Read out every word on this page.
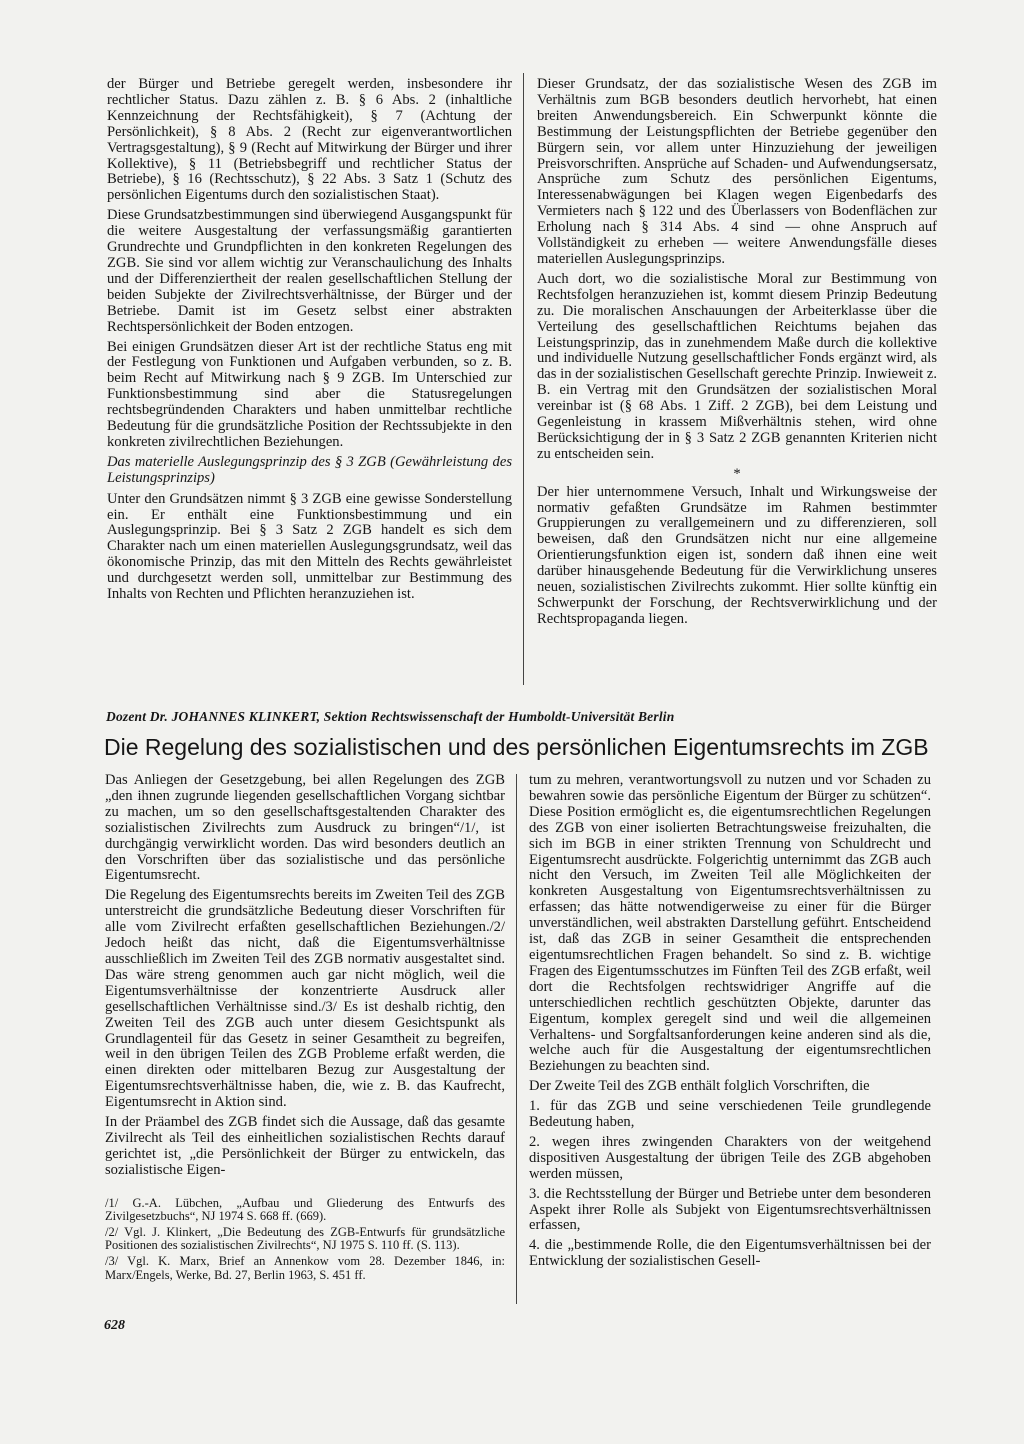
der Bürger und Betriebe geregelt werden, insbesondere ihr rechtlicher Status. Dazu zählen z. B. § 6 Abs. 2 (inhaltliche Kennzeichnung der Rechtsfähigkeit), § 7 (Achtung der Persönlichkeit), § 8 Abs. 2 (Recht zur eigenverantwortlichen Vertragsgestaltung), § 9 (Recht auf Mitwirkung der Bürger und ihrer Kollektive), § 11 (Betriebsbegriff und rechtlicher Status der Betriebe), § 16 (Rechtsschutz), § 22 Abs. 3 Satz 1 (Schutz des persönlichen Eigentums durch den sozialistischen Staat).

Diese Grundsatzbestimmungen sind überwiegend Ausgangspunkt für die weitere Ausgestaltung der verfassungsmäßig garantierten Grundrechte und Grundpflichten in den konkreten Regelungen des ZGB. Sie sind vor allem wichtig zur Veranschaulichung des Inhalts und der Differenziertheit der realen gesellschaftlichen Stellung der beiden Subjekte der Zivilrechtsverhältnisse, der Bürger und der Betriebe. Damit ist im Gesetz selbst einer abstrakten Rechtspersönlichkeit der Boden entzogen.

Bei einigen Grundsätzen dieser Art ist der rechtliche Status eng mit der Festlegung von Funktionen und Aufgaben verbunden, so z. B. beim Recht auf Mitwirkung nach § 9 ZGB. Im Unterschied zur Funktionsbestimmung sind aber die Statusregelungen rechtsbegründenden Charakters und haben unmittelbar rechtliche Bedeutung für die grundsätzliche Position der Rechtssubjekte in den konkreten zivilrechtlichen Beziehungen.

Das materielle Auslegungsprinzip des § 3 ZGB (Gewährleistung des Leistungsprinzips)

Unter den Grundsätzen nimmt § 3 ZGB eine gewisse Sonderstellung ein. Er enthält eine Funktionsbestimmung und ein Auslegungsprinzip. Bei § 3 Satz 2 ZGB handelt es sich dem Charakter nach um einen materiellen Auslegungsgrundsatz, weil das ökonomische Prinzip, das mit den Mitteln des Rechts gewährleistet und durchgesetzt werden soll, unmittelbar zur Bestimmung des Inhalts von Rechten und Pflichten heranzuziehen ist.

Dieser Grundsatz, der das sozialistische Wesen des ZGB im Verhältnis zum BGB besonders deutlich hervorhebt, hat einen breiten Anwendungsbereich. Ein Schwerpunkt könnte die Bestimmung der Leistungspflichten der Betriebe gegenüber den Bürgern sein, vor allem unter Hinzuziehung der jeweiligen Preisvorschriften. Ansprüche auf Schaden- und Aufwendungsersatz, Ansprüche zum Schutz des persönlichen Eigentums, Interessenabwägungen bei Klagen wegen Eigenbedarfs des Vermieters nach § 122 und des Überlassers von Bodenflächen zur Erholung nach § 314 Abs. 4 sind — ohne Anspruch auf Vollständigkeit zu erheben — weitere Anwendungsfälle dieses materiellen Auslegungsprinzips.

Auch dort, wo die sozialistische Moral zur Bestimmung von Rechtsfolgen heranzuziehen ist, kommt diesem Prinzip Bedeutung zu. Die moralischen Anschauungen der Arbeiterklasse über die Verteilung des gesellschaftlichen Reichtums bejahen das Leistungsprinzip, das in zunehmendem Maße durch die kollektive und individuelle Nutzung gesellschaftlicher Fonds ergänzt wird, als das in der sozialistischen Gesellschaft gerechte Prinzip. Inwieweit z. B. ein Vertrag mit den Grundsätzen der sozialistischen Moral vereinbar ist (§ 68 Abs. 1 Ziff. 2 ZGB), bei dem Leistung und Gegenleistung in krassem Mißverhältnis stehen, wird ohne Berücksichtigung der in § 3 Satz 2 ZGB genannten Kriterien nicht zu entscheiden sein.

*

Der hier unternommene Versuch, Inhalt und Wirkungsweise der normativ gefaßten Grundsätze im Rahmen bestimmter Gruppierungen zu verallgemeinern und zu differenzieren, soll beweisen, daß den Grundsätzen nicht nur eine allgemeine Orientierungsfunktion eigen ist, sondern daß ihnen eine weit darüber hinausgehende Bedeutung für die Verwirklichung unseres neuen, sozialistischen Zivilrechts zukommt. Hier sollte künftig ein Schwerpunkt der Forschung, der Rechtsverwirklichung und der Rechtspropaganda liegen.

Dozent Dr. JOHANNES KLINKERT, Sektion Rechtswissenschaft der Humboldt-Universität Berlin
Die Regelung des sozialistischen und des persönlichen Eigentumsrechts im ZGB

Das Anliegen der Gesetzgebung, bei allen Regelungen des ZGB „den ihnen zugrunde liegenden gesellschaftlichen Vorgang sichtbar zu machen, um so den gesellschaftsgestaltenden Charakter des sozialistischen Zivilrechts zum Ausdruck zu bringen“/1/, ist durchgängig verwirklicht worden. Das wird besonders deutlich an den Vorschriften über das sozialistische und das persönliche Eigentumsrecht.

Die Regelung des Eigentumsrechts bereits im Zweiten Teil des ZGB unterstreicht die grundsätzliche Bedeutung dieser Vorschriften für alle vom Zivilrecht erfaßten gesellschaftlichen Beziehungen./2/ Jedoch heißt das nicht, daß die Eigentumsverhältnisse ausschließlich im Zweiten Teil des ZGB normativ ausgestaltet sind. Das wäre streng genommen auch gar nicht möglich, weil die Eigentumsverhältnisse der konzentrierte Ausdruck aller gesellschaftlichen Verhältnisse sind./3/ Es ist deshalb richtig, den Zweiten Teil des ZGB auch unter diesem Gesichtspunkt als Grundlagenteil für das Gesetz in seiner Gesamtheit zu begreifen, weil in den übrigen Teilen des ZGB Probleme erfaßt werden, die einen direkten oder mittelbaren Bezug zur Ausgestaltung der Eigentumsrechtsverhältnisse haben, die, wie z. B. das Kaufrecht, Eigentumsrecht in Aktion sind.

In der Präambel des ZGB findet sich die Aussage, daß das gesamte Zivilrecht als Teil des einheitlichen sozialistischen Rechts darauf gerichtet ist, „die Persönlichkeit der Bürger zu entwickeln, das sozialistische Eigen-

/1/ G.-A. Lübchen, „Aufbau und Gliederung des Entwurfs des Zivilgesetzbuchs“, NJ 1974 S. 668 ff. (669).
/2/ Vgl. J. Klinkert, „Die Bedeutung des ZGB-Entwurfs für grundsätzliche Positionen des sozialistischen Zivilrechts“, NJ 1975 S. 110 ff. (S. 113).
/3/ Vgl. K. Marx, Brief an Annenkow vom 28. Dezember 1846, in: Marx/Engels, Werke, Bd. 27, Berlin 1963, S. 451 ff.

tum zu mehren, verantwortungsvoll zu nutzen und vor Schaden zu bewahren sowie das persönliche Eigentum der Bürger zu schützen“. Diese Position ermöglicht es, die eigentumsrechtlichen Regelungen des ZGB von einer isolierten Betrachtungsweise freizuhalten, die sich im BGB in einer strikten Trennung von Schuldrecht und Eigentumsrecht ausdrückte. Folgerichtig unternimmt das ZGB auch nicht den Versuch, im Zweiten Teil alle Möglichkeiten der konkreten Ausgestaltung von Eigentumsrechtsverhältnissen zu erfassen; das hätte notwendigerweise zu einer für die Bürger unverständlichen, weil abstrakten Darstellung geführt. Entscheidend ist, daß das ZGB in seiner Gesamtheit die entsprechenden eigentumsrechtlichen Fragen behandelt. So sind z. B. wichtige Fragen des Eigentumsschutzes im Fünften Teil des ZGB erfaßt, weil dort die Rechtsfolgen rechtswidriger Angriffe auf die unterschiedlichen rechtlich geschützten Objekte, darunter das Eigentum, komplex geregelt sind und weil die allgemeinen Verhaltens- und Sorgfaltsanforderungen keine anderen sind als die, welche auch für die Ausgestaltung der eigentumsrechtlichen Beziehungen zu beachten sind.

Der Zweite Teil des ZGB enthält folglich Vorschriften, die

1. für das ZGB und seine verschiedenen Teile grundlegende Bedeutung haben,

2. wegen ihres zwingenden Charakters von der weitgehend dispositiven Ausgestaltung der übrigen Teile des ZGB abgehoben werden müssen,

3. die Rechtsstellung der Bürger und Betriebe unter dem besonderen Aspekt ihrer Rolle als Subjekt von Eigentumsrechtsverhältnissen erfassen,

4. die „bestimmende Rolle, die den Eigentumsverhältnissen bei der Entwicklung der sozialistischen Gesell-

628
